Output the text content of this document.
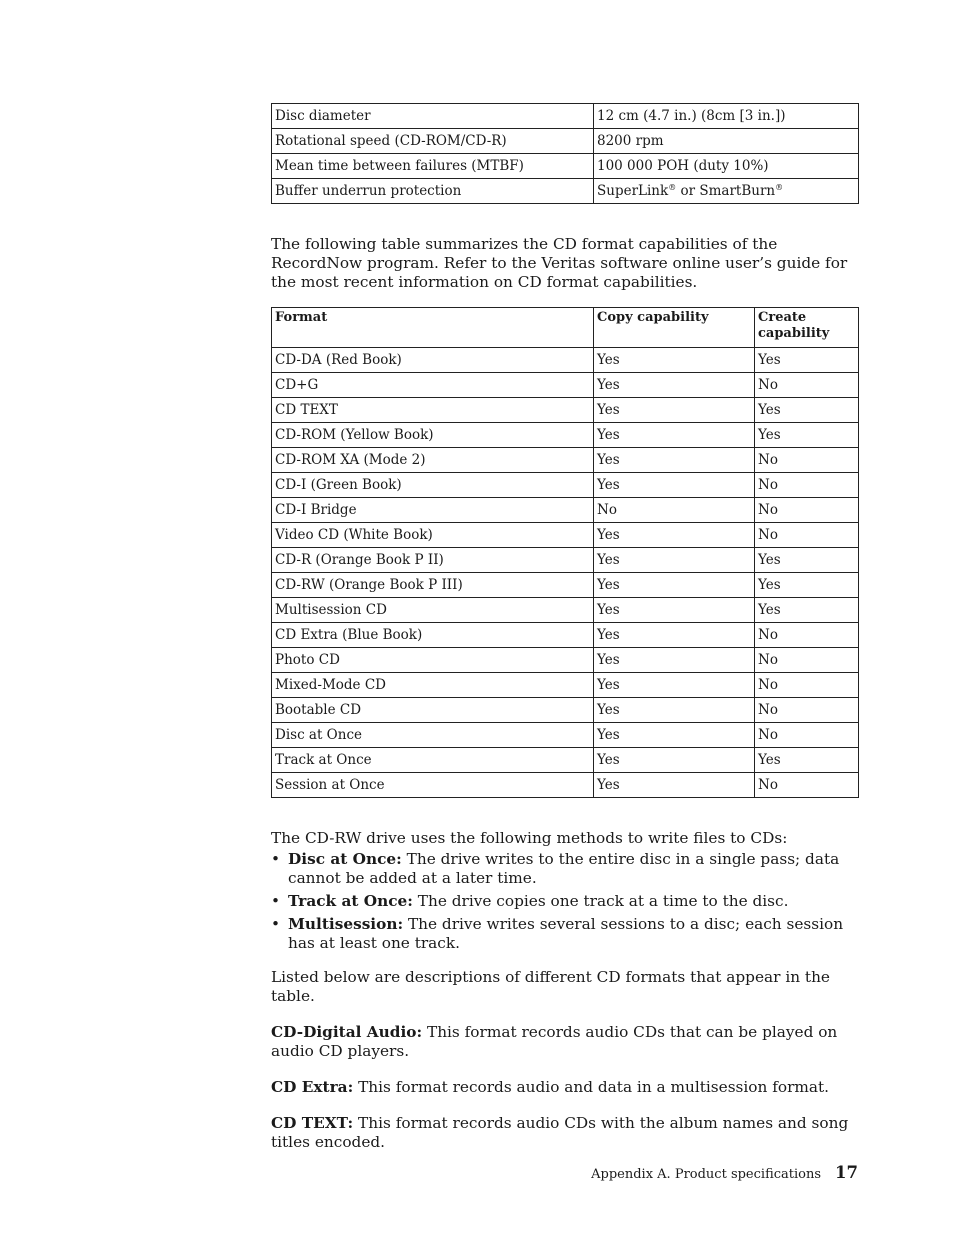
Disc diameter	12 cm (4.7 in.) (8cm [3 in.])
Rotational speed (CD-ROM/CD-R)	8200 rpm
Mean time between failures (MTBF)	100 000 POH (duty 10%)
Buffer underrun protection	SuperLink® or SmartBurn®

The following table summarizes the CD format capabilities of the RecordNow program. Refer to the Veritas software online user’s guide for the most recent information on CD format capabilities.

Format	Copy capability	Create capability
CD-DA (Red Book)	Yes	Yes
CD+G	Yes	No
CD TEXT	Yes	Yes
CD-ROM (Yellow Book)	Yes	Yes
CD-ROM XA (Mode 2)	Yes	No
CD-I (Green Book)	Yes	No
CD-I Bridge	No	No
Video CD (White Book)	Yes	No
CD-R (Orange Book P II)	Yes	Yes
CD-RW (Orange Book P III)	Yes	Yes
Multisession CD	Yes	Yes
CD Extra (Blue Book)	Yes	No
Photo CD	Yes	No
Mixed-Mode CD	Yes	No
Bootable CD	Yes	No
Disc at Once	Yes	No
Track at Once	Yes	Yes
Session at Once	Yes	No

The CD-RW drive uses the following methods to write files to CDs:

• Disc at Once: The drive writes to the entire disc in a single pass; data cannot be added at a later time.
• Track at Once: The drive copies one track at a time to the disc.
• Multisession: The drive writes several sessions to a disc; each session has at least one track.

Listed below are descriptions of different CD formats that appear in the table.

CD-Digital Audio: This format records audio CDs that can be played on audio CD players.

CD Extra: This format records audio and data in a multisession format.

CD TEXT: This format records audio CDs with the album names and song titles encoded.

Appendix A. Product specifications 17
